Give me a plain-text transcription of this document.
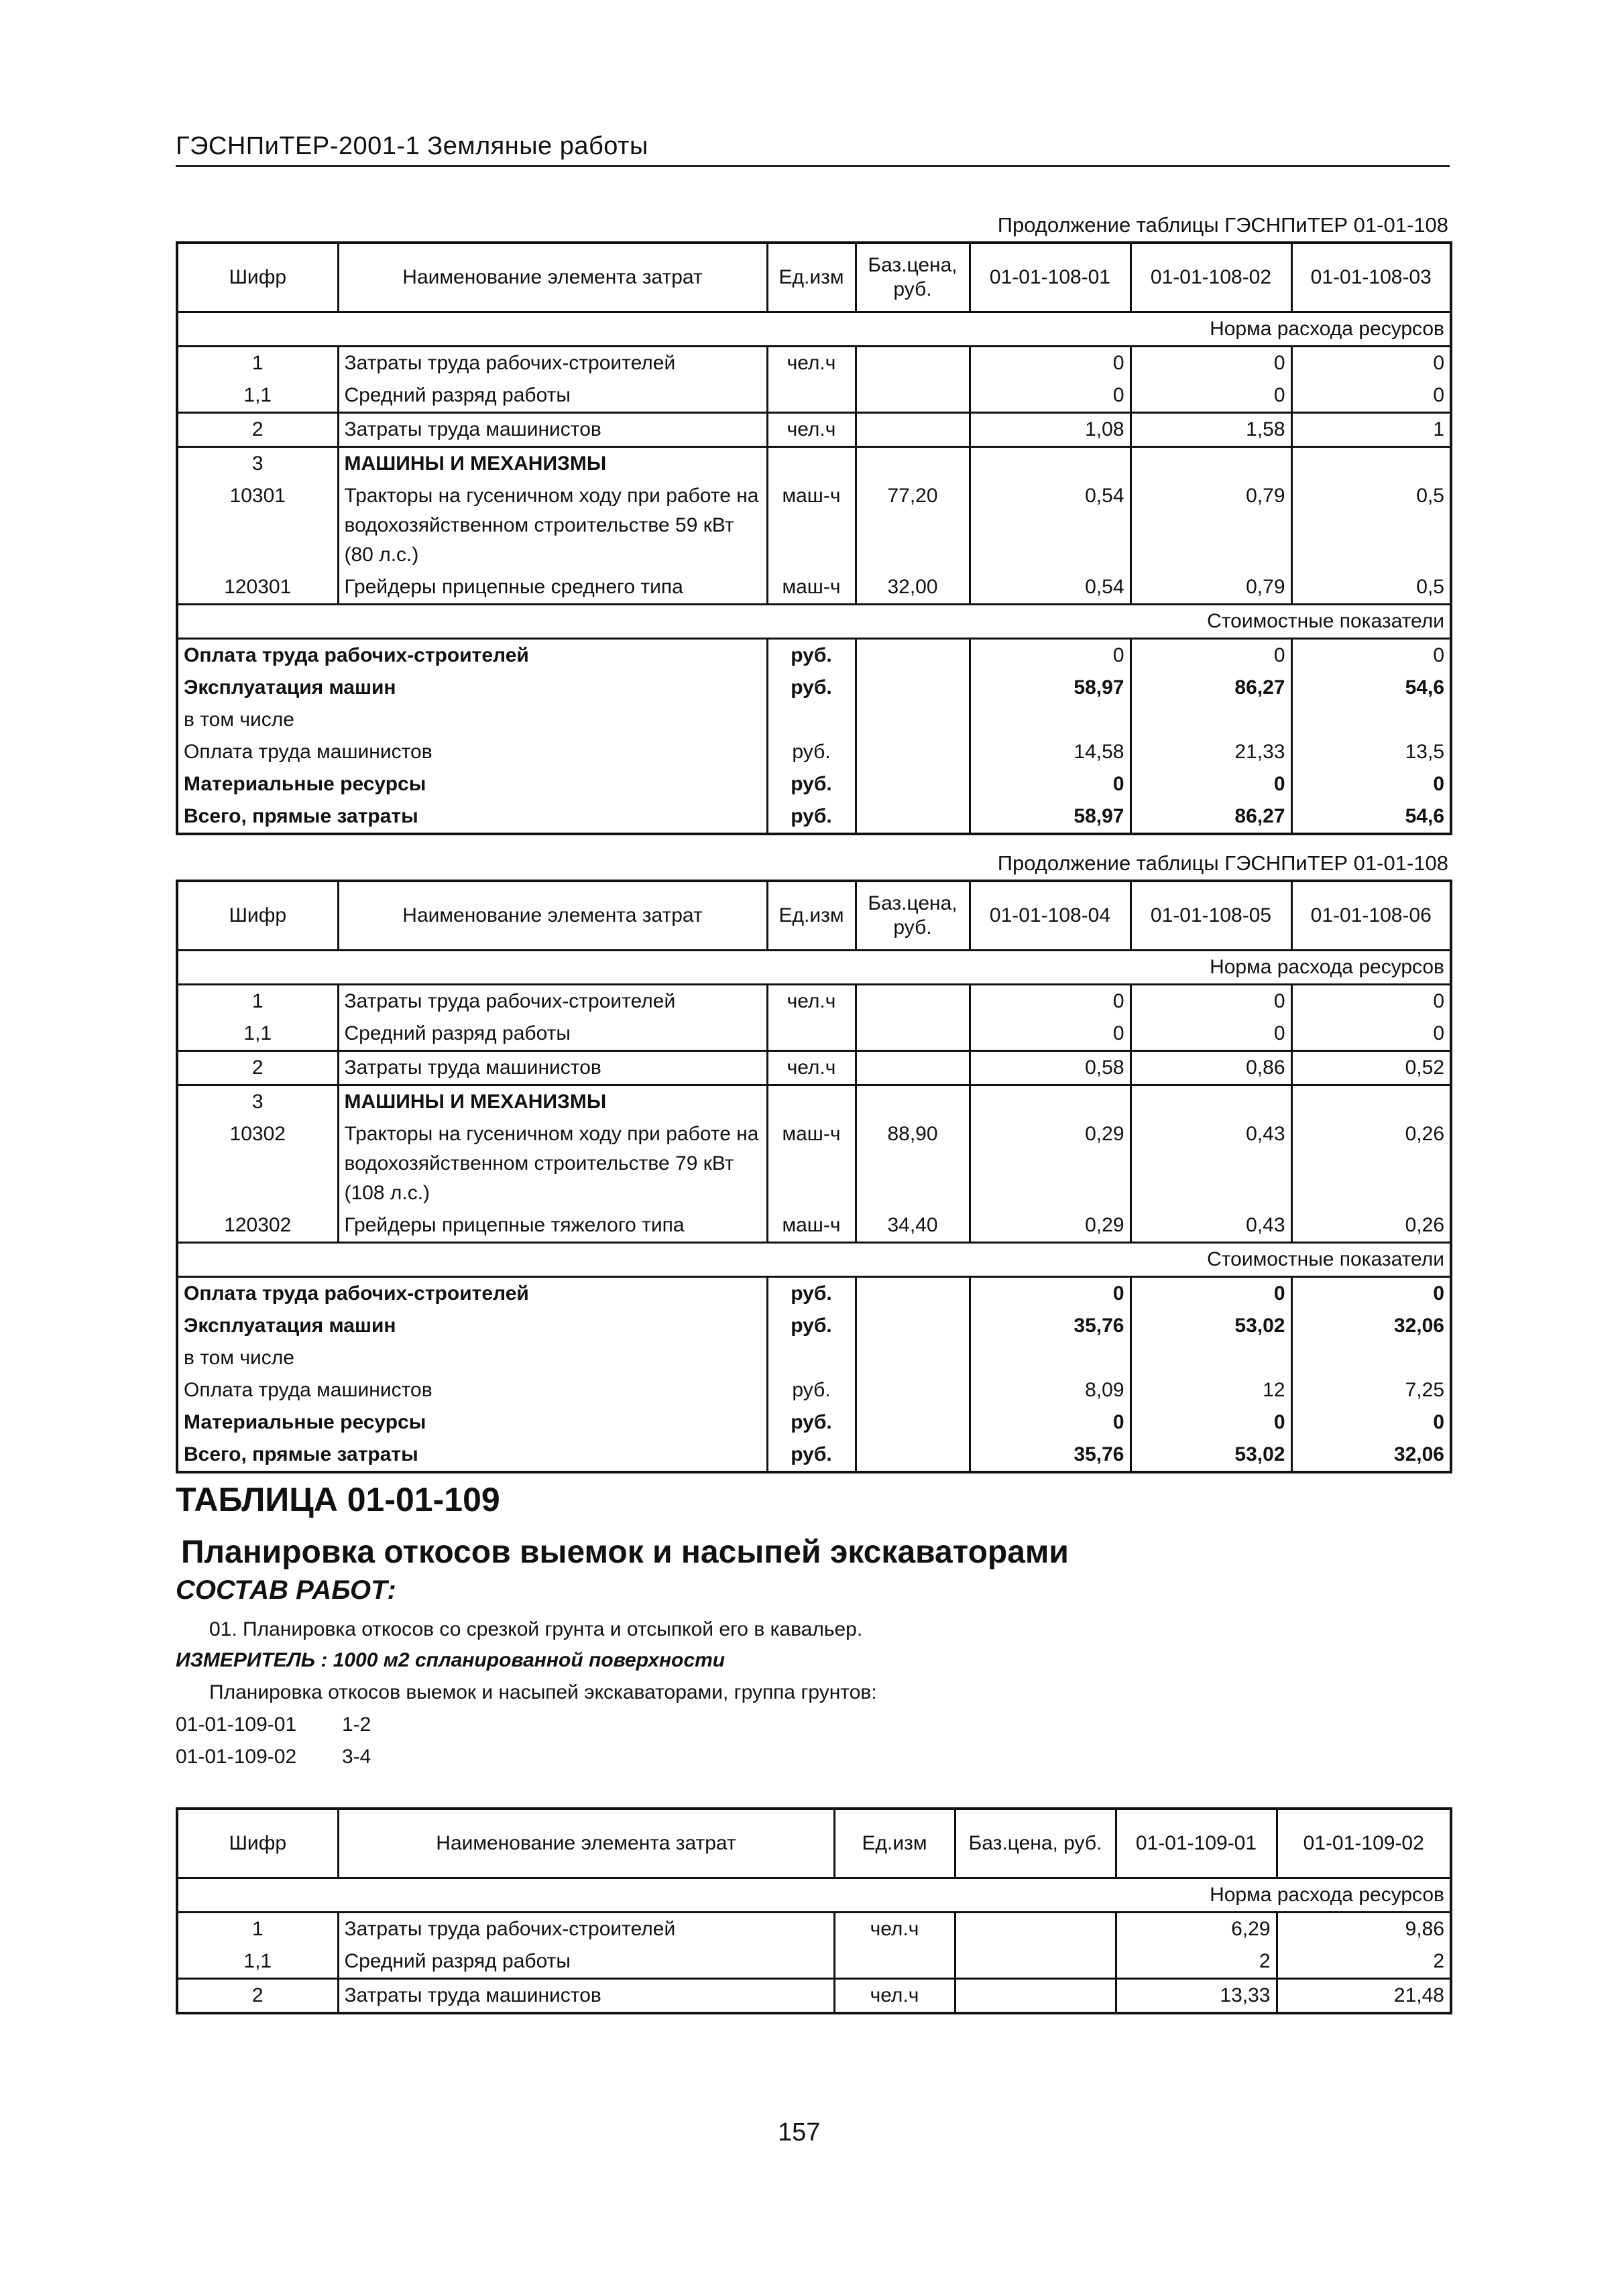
ГЭСНПиТЕР-2001-1 Земляные работы
Продолжение таблицы ГЭСНПиТЕР 01-01-108
Шифр	Наименование элемента затрат	Ед.изм	Баз.цена, руб.	01-01-108-01	01-01-108-02	01-01-108-03
Норма расхода ресурсов						
1	Затраты труда рабочих-строителей	чел.ч		0	0	0
1,1	Средний разряд работы			0	0	0
2	Затраты труда машинистов	чел.ч		1,08	1,58	1
3	МАШИНЫ И МЕХАНИЗМЫ					
10301	Тракторы на гусеничном ходу при работе на водохозяйственном строительстве 59 кВт (80 л.с.)	маш-ч	77,20	0,54	0,79	0,5
120301	Грейдеры прицепные среднего типа	маш-ч	32,00	0,54	0,79	0,5
Стоимостные показатели						
Оплата труда рабочих-строителей		руб.		0	0	0
Эксплуатация машин		руб.		58,97	86,27	54,6
в том числе						
Оплата труда машинистов		руб.		14,58	21,33	13,5
Материальные ресурсы		руб.		0	0	0
Всего, прямые затраты		руб.		58,97	86,27	54,6
Продолжение таблицы ГЭСНПиТЕР 01-01-108
Шифр	Наименование элемента затрат	Ед.изм	Баз.цена, руб.	01-01-108-04	01-01-108-05	01-01-108-06
Норма расхода ресурсов						
1	Затраты труда рабочих-строителей	чел.ч		0	0	0
1,1	Средний разряд работы			0	0	0
2	Затраты труда машинистов	чел.ч		0,58	0,86	0,52
3	МАШИНЫ И МЕХАНИЗМЫ					
10302	Тракторы на гусеничном ходу при работе на водохозяйственном строительстве 79 кВт (108 л.с.)	маш-ч	88,90	0,29	0,43	0,26
120302	Грейдеры прицепные тяжелого типа	маш-ч	34,40	0,29	0,43	0,26
Стоимостные показатели						
Оплата труда рабочих-строителей		руб.		0	0	0
Эксплуатация машин		руб.		35,76	53,02	32,06
в том числе						
Оплата труда машинистов		руб.		8,09	12	7,25
Материальные ресурсы		руб.		0	0	0
Всего, прямые затраты		руб.		35,76	53,02	32,06
ТАБЛИЦА 01-01-109
Планировка откосов выемок и насыпей экскаваторами
СОСТАВ РАБОТ:
01. Планировка откосов со срезкой грунта и отсыпкой его в кавальер.
ИЗМЕРИТЕЛЬ : 1000 м2 спланированной поверхности
Планировка откосов выемок и насыпей экскаваторами, группа грунтов:
01-01-109-01 1-2
01-01-109-02 3-4
Шифр	Наименование элемента затрат	Ед.изм	Баз.цена, руб.	01-01-109-01	01-01-109-02
Норма расхода ресурсов					
1	Затраты труда рабочих-строителей	чел.ч		6,29	9,86
1,1	Средний разряд работы			2	2
2	Затраты труда машинистов	чел.ч		13,33	21,48
157
